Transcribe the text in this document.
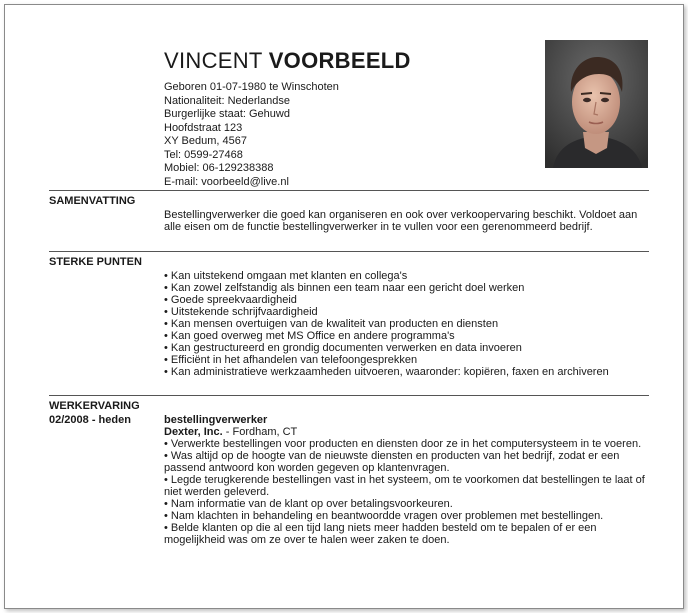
VINCENT VOORBEELD
Geboren 01-07-1980 te Winschoten
Nationaliteit: Nederlandse
Burgerlijke staat: Gehuwd
Hoofdstraat 123
XY Bedum, 4567
Tel: 0599-27468
Mobiel: 06-129238388
E-mail: voorbeeld@live.nl
SAMENVATTING
Bestellingverwerker die goed kan organiseren en ook over verkoopervaring beschikt. Voldoet aan alle eisen om de functie bestellingverwerker in te vullen voor een gerenommeerd bedrijf.
STERKE PUNTEN
• Kan uitstekend omgaan met klanten en collega's
• Kan zowel zelfstandig als binnen een team naar een gericht doel werken
• Goede spreekvaardigheid
• Uitstekende schrijfvaardigheid
• Kan mensen overtuigen van de kwaliteit van producten en diensten
• Kan goed overweg met MS Office en andere programma's
• Kan gestructureerd en grondig documenten verwerken en data invoeren
• Efficiënt in het afhandelen van telefoongesprekken
• Kan administratieve werkzaamheden uitvoeren, waaronder: kopiëren, faxen en archiveren
WERKERVARING
02/2008 - heden	bestellingverwerker
Dexter, Inc. - Fordham, CT
• Verwerkte bestellingen voor producten en diensten door ze in het computersysteem in te voeren.
• Was altijd op de hoogte van de nieuwste diensten en producten van het bedrijf, zodat er een passend antwoord kon worden gegeven op klantenvragen.
• Legde terugkerende bestellingen vast in het systeem, om te voorkomen dat bestellingen te laat of niet werden geleverd.
• Nam informatie van de klant op over betalingsvoorkeuren.
• Nam klachten in behandeling en beantwoordde vragen over problemen met bestellingen.
• Belde klanten op die al een tijd lang niets meer hadden besteld om te bepalen of er een mogelijkheid was om ze over te halen weer zaken te doen.
